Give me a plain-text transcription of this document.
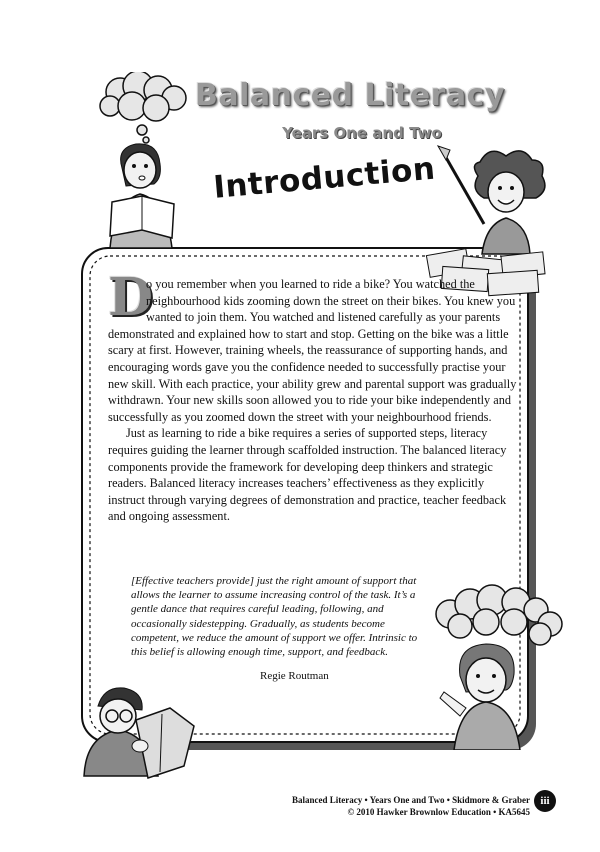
Balanced Literacy
Years One and Two
Introduction

D
o you remember when you learned to ride a bike? You watched the neighbourhood kids zooming down the street on their bikes. You knew you wanted to join them. You watched and listened carefully as your parents demonstrated and explained how to start and stop. Getting on the bike was a little scary at first. However, training wheels, the reassurance of supporting hands, and encouraging words gave you the confidence needed to successfully practise your new skill. With each practice, your ability grew and parental support was gradually withdrawn. Your new skills soon allowed you to ride your bike independently and successfully as you zoomed down the street with your neighbourhood friends.

Just as learning to ride a bike requires a series of supported steps, literacy requires guiding the learner through scaffolded instruction. The balanced literacy components provide the framework for developing deep thinkers and strategic readers. Balanced literacy increases teachers’ effectiveness as they explicitly instruct through varying degrees of demonstration and practice, teacher feedback and ongoing assessment.

[Effective teachers provide] just the right amount of support that allows the learner to assume increasing control of the task. It’s a gentle dance that requires careful leading, following, and occasionally sidestepping. Gradually, as students become competent, we reduce the amount of support we offer. Intrinsic to this belief is allowing enough time, support, and feedback.
Regie Routman
Balanced Literacy • Years One and Two • Skidmore & Graber
© 2010 Hawker Brownlow Education • KA5645
iii
